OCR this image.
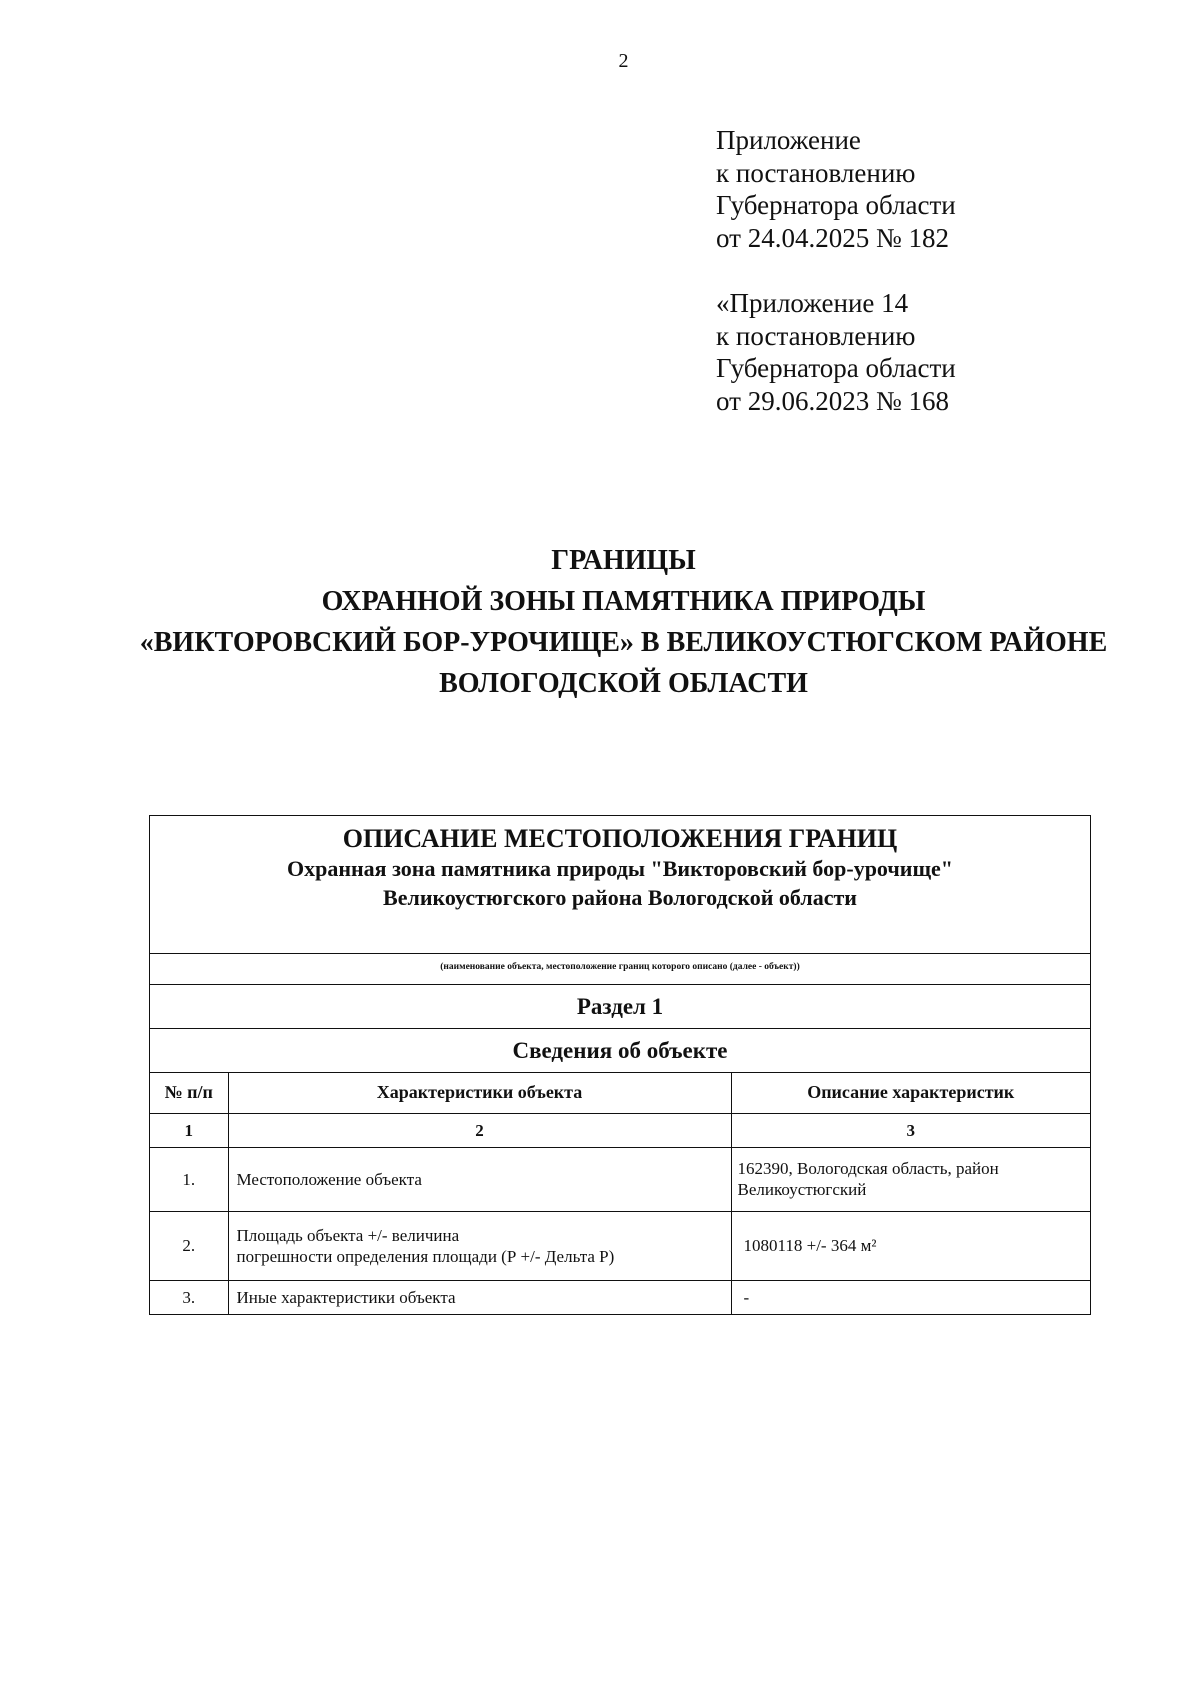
2
Приложение
к постановлению
Губернатора области
от 24.04.2025 № 182
«Приложение 14
к постановлению
Губернатора области
от 29.06.2023 № 168
ГРАНИЦЫ
ОХРАННОЙ ЗОНЫ ПАМЯТНИКА ПРИРОДЫ
«ВИКТОРОВСКИЙ БОР-УРОЧИЩЕ» В ВЕЛИКОУСТЮГСКОМ РАЙОНЕ
ВОЛОГОДСКОЙ ОБЛАСТИ
ОПИСАНИЕ МЕСТОПОЛОЖЕНИЯ ГРАНИЦ
Охранная зона памятника природы "Викторовский бор-урочище"
Великоустюгского района Вологодской области
(наименование объекта, местоположение границ которого описано (далее - объект))
Раздел 1
Сведения об объекте
№ п/п	Характеристики объекта	Описание характеристик
1	2	3
1.	Местоположение объекта	162390, Вологодская область, район Великоустюгский
2.	Площадь объекта +/- величина
погрешности определения площади (Р +/- Дельта Р)	1080118 +/- 364 м²
3.	Иные характеристики объекта	-
